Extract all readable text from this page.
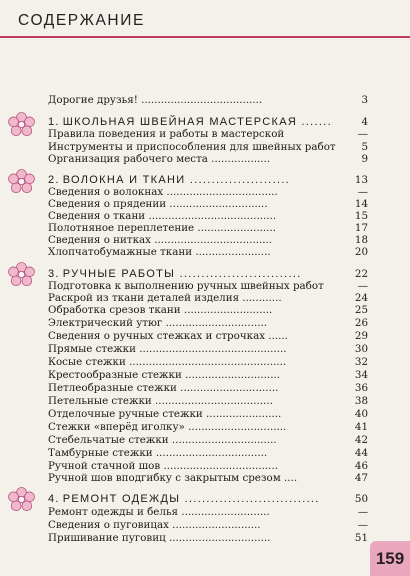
СОДЕРЖАНИЕ
Дорогие друзья! .....................................	3
1. ШКОЛЬНАЯ ШВЕЙНАЯ МАСТЕРСКАЯ .......	4
Правила поведения и работы в мастерской	—
Инструменты и приспособления для швейных работ	5
Организация рабочего места ..................	9
2. ВОЛОКНА И ТКАНИ .......................	13
Сведения о волокнах ..................................	—
Сведения о прядении ..............................	14
Сведения о ткани .......................................	15
Полотняное переплетение ........................	17
Сведения о нитках ....................................	18
Хлопчатобумажные ткани .......................	20
3. РУЧНЫЕ РАБОТЫ ............................	22
Подготовка к выполнению ручных швейных работ	—
Раскрой из ткани деталей изделия ............	24
Обработка срезов ткани ...........................	25
Электрический утюг ...............................	26
Сведения о ручных стежках и строчках ......	29
Прямые стежки .............................................	30
Косые стежки ................................................	32
Крестообразные стежки .............................	34
Петлеобразные стежки ..............................	36
Петельные стежки ....................................	38
Отделочные ручные стежки .......................	40
Стежки «вперёд иголку» ..............................	41
Стебельчатые стежки ................................	42
Тамбурные стежки ..................................	44
Ручной стачной шов ...................................	46
Ручной шов вподгибку с закрытым срезом ....	47
4. РЕМОНТ ОДЕЖДЫ ...............................	50
Ремонт одежды и белья ...........................	—
Сведения о пуговицах ...........................	—
Пришивание пуговиц ...............................	51
159
